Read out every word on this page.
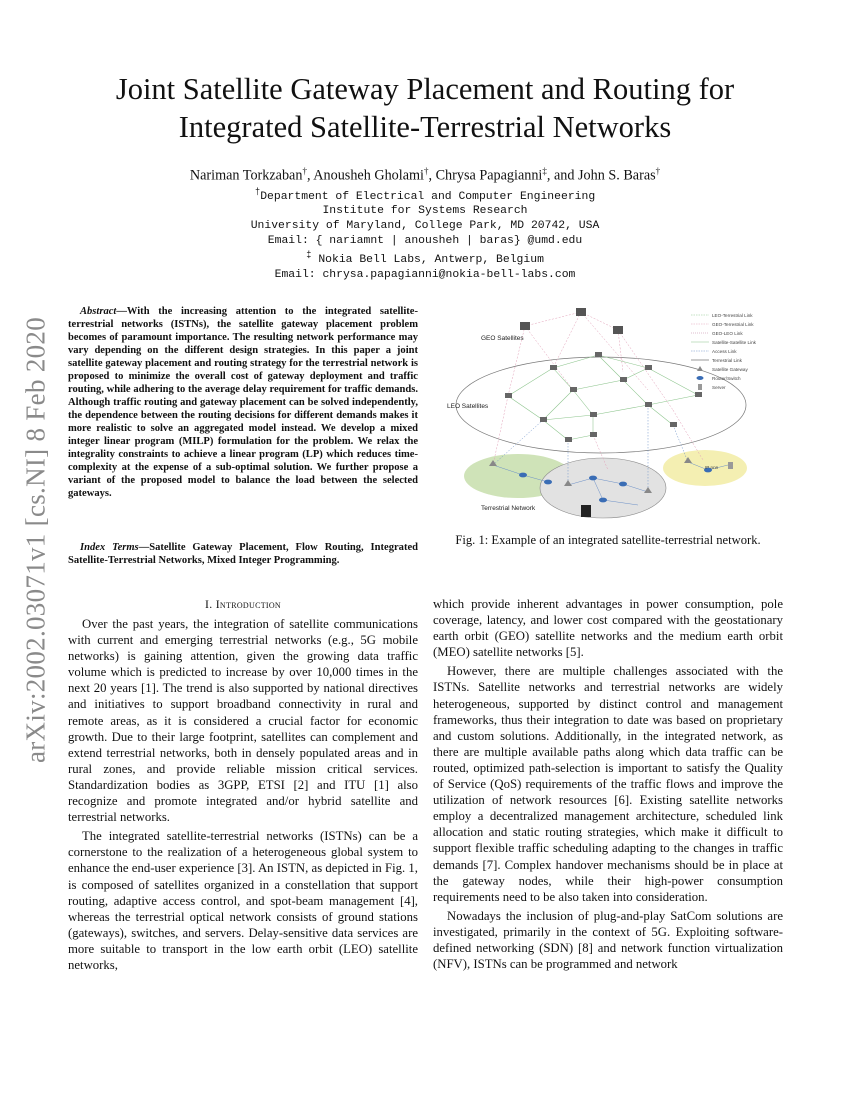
arXiv:2002.03071v1 [cs.NI] 8 Feb 2020
Joint Satellite Gateway Placement and Routing for
Integrated Satellite-Terrestrial Networks
Nariman Torkzaban†, Anousheh Gholami†, Chrysa Papagianni‡, and John S. Baras†
†Department of Electrical and Computer Engineering
Institute for Systems Research
University of Maryland, College Park, MD 20742, USA
Email: { nariamnt | anousheh | baras} @umd.edu
‡ Nokia Bell Labs, Antwerp, Belgium
Email: chrysa.papagianni@nokia-bell-labs.com
Abstract—With the increasing attention to the integrated satellite-terrestrial networks (ISTNs), the satellite gateway placement problem becomes of paramount importance. The resulting network performance may vary depending on the different design strategies. In this paper a joint satellite gateway placement and routing strategy for the terrestrial network is proposed to minimize the overall cost of gateway deployment and traffic routing, while adhering to the average delay requirement for traffic demands. Although traffic routing and gateway placement can be solved independently, the dependence between the routing decisions for different demands makes it more realistic to solve an aggregated model instead. We develop a mixed integer linear program (MILP) formulation for the problem. We relax the integrality constraints to achieve a linear program (LP) which reduces time-complexity at the expense of a sub-optimal solution. We further propose a variant of the proposed model to balance the load between the selected gateways.
Index Terms—Satellite Gateway Placement, Flow Routing, Integrated Satellite-Terrestrial Networks, Mixed Integer Programming.
I. Introduction

Over the past years, the integration of satellite communications with current and emerging terrestrial networks (e.g., 5G mobile networks) is gaining attention, given the growing data traffic volume which is predicted to increase by over 10,000 times in the next 20 years [1]. The trend is also supported by national directives and initiatives to support broadband connectivity in rural and remote areas, as it is considered a crucial factor for economic growth. Due to their large footprint, satellites can complement and extend terrestrial networks, both in densely populated areas and in rural zones, and provide reliable mission critical services. Standardization bodies as 3GPP, ETSI [2] and ITU [1] also recognize and promote integrated and/or hybrid satellite and terrestrial networks.

The integrated satellite-terrestrial networks (ISTNs) can be a cornerstone to the realization of a heterogeneous global system to enhance the end-user experience [3]. An ISTN, as depicted in Fig. 1, is composed of satellites organized in a constellation that support routing, adaptive access control, and spot-beam management [4], whereas the terrestrial optical network consists of ground stations (gateways), switches, and servers. Delay-sensitive data services are more suitable to transport in the low earth orbit (LEO) satellite networks,

which provide inherent advantages in power consumption, pole coverage, latency, and lower cost compared with the geostationary earth orbit (GEO) satellite networks and the medium earth orbit (MEO) satellite networks [5].

However, there are multiple challenges associated with the ISTNs. Satellite networks and terrestrial networks are widely heterogeneous, supported by distinct control and management frameworks, thus their integration to date was based on proprietary and custom solutions. Additionally, in the integrated network, as there are multiple available paths along which data traffic can be routed, optimized path-selection is important to satisfy the Quality of Service (QoS) requirements of the traffic flows and improve the utilization of network resources [6]. Existing satellite networks employ a decentralized management architecture, scheduled link allocation and static routing strategies, which make it difficult to support flexible traffic scheduling adapting to the changes in traffic demands [7]. Complex handover mechanisms should be in place at the gateway nodes, while their high-power consumption requirements need to be also taken into consideration.

Nowadays the inclusion of plug-and-play SatCom solutions are investigated, primarily in the context of 5G. Exploiting software-defined networking (SDN) [8] and network function virtualization (NFV), ISTNs can be programmed and network

GEO Satellites
LEO Satellites
Terrestrial Network
IP nnn
LEO-Terrestrial Link
GEO-Terrestrial Link
GEO-LEO Link
Satellite-Satellite Link
Access Link
Terrestrial Link
Satellite Gateway
Router/Switch
Server
Fig. 1: Example of an integrated satellite-terrestrial network.
